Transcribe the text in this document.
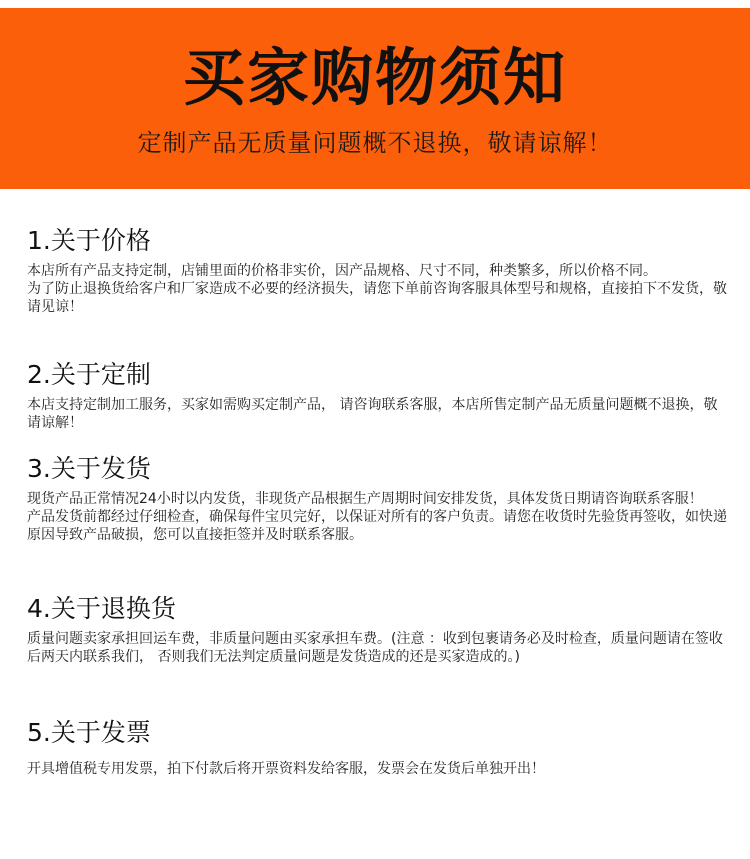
买家购物须知
定制产品无质量问题概不退换，敬请谅解！
1.关于价格

本店所有产品支持定制，店铺里面的价格非实价，因产品规格、尺寸不同，种类繁多，所以价格不同。

为了防止退换货给客户和厂家造成不必要的经济损失，请您下单前咨询客服具体型号和规格，直接拍下不发货，敬请见谅！

2.关于定制

本店支持定制加工服务，买家如需购买定制产品， 请咨询联系客服，本店所售定制产品无质量问题概不退换，敬请谅解！

3.关于发货

现货产品正常情况24小时以内发货，非现货产品根据生产周期时间安排发货，具体发货日期请咨询联系客服！

产品发货前都经过仔细检查，确保每件宝贝完好，以保证对所有的客户负责。请您在收货时先验货再签收，如快递原因导致产品破损，您可以直接拒签并及时联系客服。

4.关于退换货

质量问题卖家承担回运车费，非质量问题由买家承担车费。(注意 ：收到包裹请务必及时检查，质量问题请在签收后两天内联系我们， 否则我们无法判定质量问题是发货造成的还是买家造成的。)

5.关于发票

开具增值税专用发票，拍下付款后将开票资料发给客服，发票会在发货后单独开出！
